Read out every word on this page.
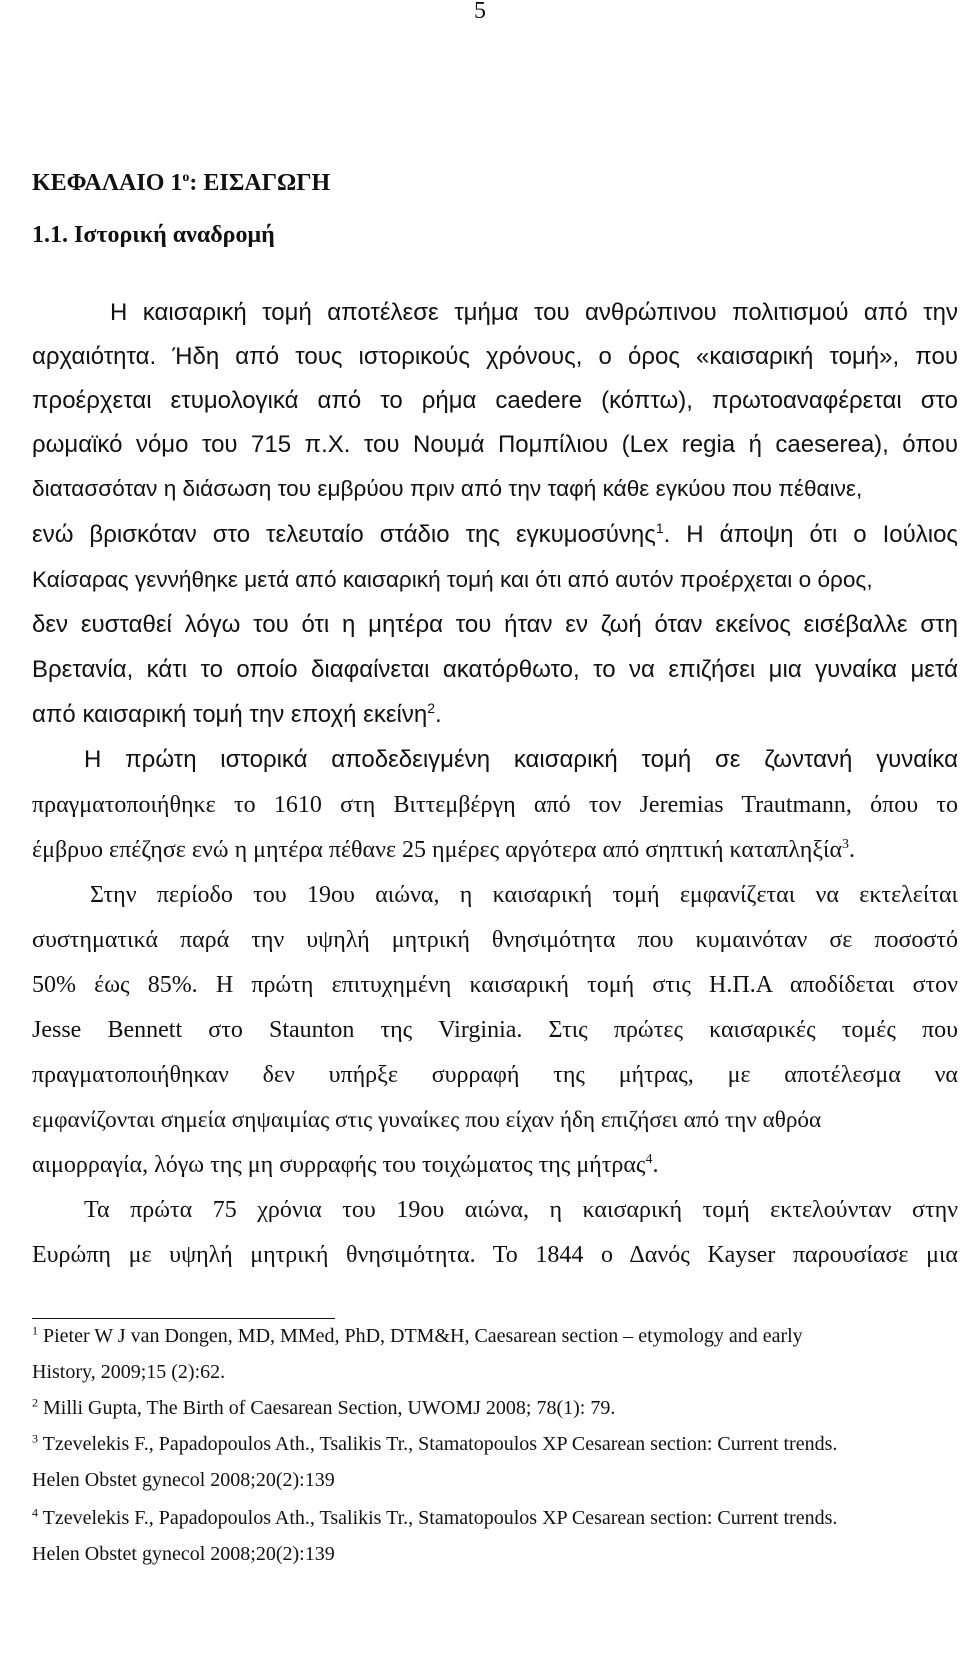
5
ΚΕΦΑΛΑΙΟ $1^o$: ΕΙΣΑΓΩΓΗ
1.1. Ιστορική αναδρομή
Η καισαρική τομή αποτέλεσε τμήμα του ανθρώπινου πολιτισμού από την
αρχαιότητα. Ήδη από τους ιστορικούς χρόνους, ο όρος «καισαρική τομή», που
προέρχεται ετυμολογικά από το ρήμα caedere (κόπτω), πρωτοαναφέρεται στο
ρωμαϊκό νόμο του 715 π.Χ. του Νουμά Πομπίλιου (Lex regia ή caeserea), όπου
διατασσόταν η διάσωση του εμβρύου πριν από την ταφή κάθε εγκύου που πέθαινε,
ενώ βρισκόταν στο τελευταίο στάδιο της εγκυμοσύνης$^1$. Η άποψη ότι ο Ιούλιος
Καίσαρας γεννήθηκε μετά από καισαρική τομή και ότι από αυτόν προέρχεται ο όρος,
δεν ευσταθεί λόγω του ότι η μητέρα του ήταν εν ζωή όταν εκείνος εισέβαλλε στη
Βρετανία, κάτι το οποίο διαφαίνεται ακατόρθωτο, το να επιζήσει μια γυναίκα μετά
από καισαρική τομή την εποχή εκείνη$^2$.
Η πρώτη ιστορικά αποδεδειγμένη καισαρική τομή σε ζωντανή γυναίκα
πραγματοποιήθηκε το 1610 στη Βιττεμβέργη από τον Jeremias Trautmann, όπου το
έμβρυο επέζησε ενώ η μητέρα πέθανε 25 ημέρες αργότερα από σηπτική καταπληξία$^3$.
Στην περίοδο του 19ου αιώνα, η καισαρική τομή εμφανίζεται να εκτελείται
συστηματικά παρά την υψηλή μητρική θνησιμότητα που κυμαινόταν σε ποσοστό
50% έως 85%. Η πρώτη επιτυχημένη καισαρική τομή στις Η.Π.Α αποδίδεται στον
Jesse Bennett στο Staunton της Virginia. Στις πρώτες καισαρικές τομές που
πραγματοποιήθηκαν δεν υπήρξε συρραφή της μήτρας, με αποτέλεσμα να
εμφανίζονται σημεία σηψαιμίας στις γυναίκες που είχαν ήδη επιζήσει από την αθρόα
αιμορραγία, λόγω της μη συρραφής του τοιχώματος της μήτρας$^4$.
Τα πρώτα 75 χρόνια του 19ου αιώνα, η καισαρική τομή εκτελούνταν στην
Ευρώπη με υψηλή μητρική θνησιμότητα. Το 1844 ο Δανός Kayser παρουσίασε μια
$^1$ Pieter W J van Dongen, MD, MMed, PhD, DTM&H, Caesarean section – etymology and early
History, 2009;15 (2):62.
$^2$ Milli Gupta, The Birth of Caesarean Section, UWOMJ 2008; 78(1): 79.
$^3$ Tzevelekis F., Papadopoulos Ath., Tsalikis Tr., Stamatopoulos XP Cesarean section: Current trends.
Helen Obstet gynecol 2008;20(2):139
$^4$ Tzevelekis F., Papadopoulos Ath., Tsalikis Tr., Stamatopoulos XP Cesarean section: Current trends.
Helen Obstet gynecol 2008;20(2):139
